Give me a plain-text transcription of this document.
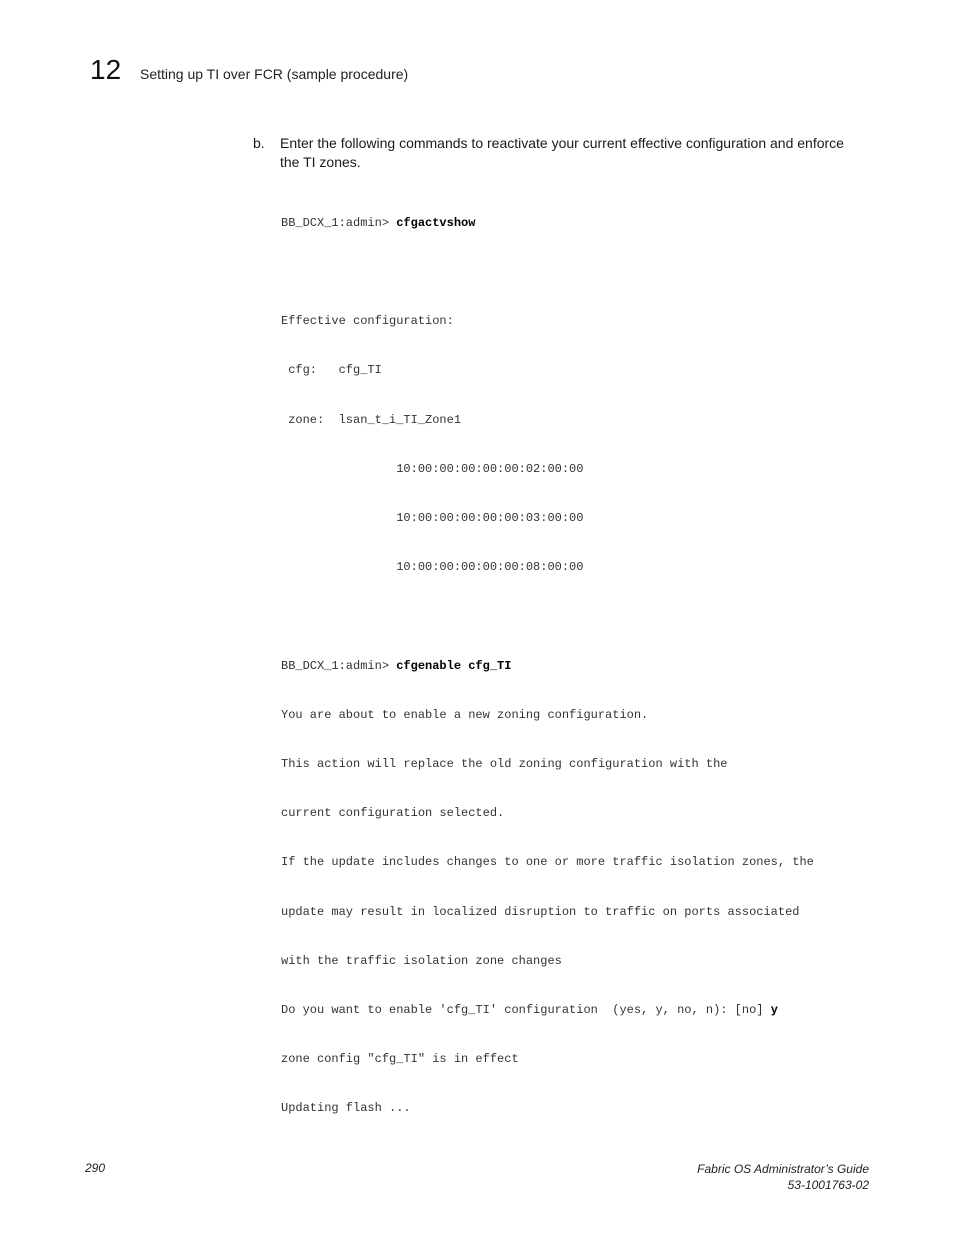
12 Setting up TI over FCR (sample procedure)
b. Enter the following commands to reactivate your current effective configuration and enforce the TI zones.

BB_DCX_1:admin> cfgactvshow

Effective configuration:

cfg:   cfg_TI

zone:  lsan_t_i_TI_Zone1

10:00:00:00:00:00:02:00:00

10:00:00:00:00:00:03:00:00

10:00:00:00:00:00:08:00:00

BB_DCX_1:admin> cfgenable cfg_TI

You are about to enable a new zoning configuration.

This action will replace the old zoning configuration with the

current configuration selected.

If the update includes changes to one or more traffic isolation zones, the

update may result in localized disruption to traffic on ports associated

with the traffic isolation zone changes

Do you want to enable 'cfg_TI' configuration  (yes, y, no, n): [no] y

zone config "cfg_TI" is in effect

Updating flash ...

290	Fabric OS Administrator’s Guide
53-1001763-02
